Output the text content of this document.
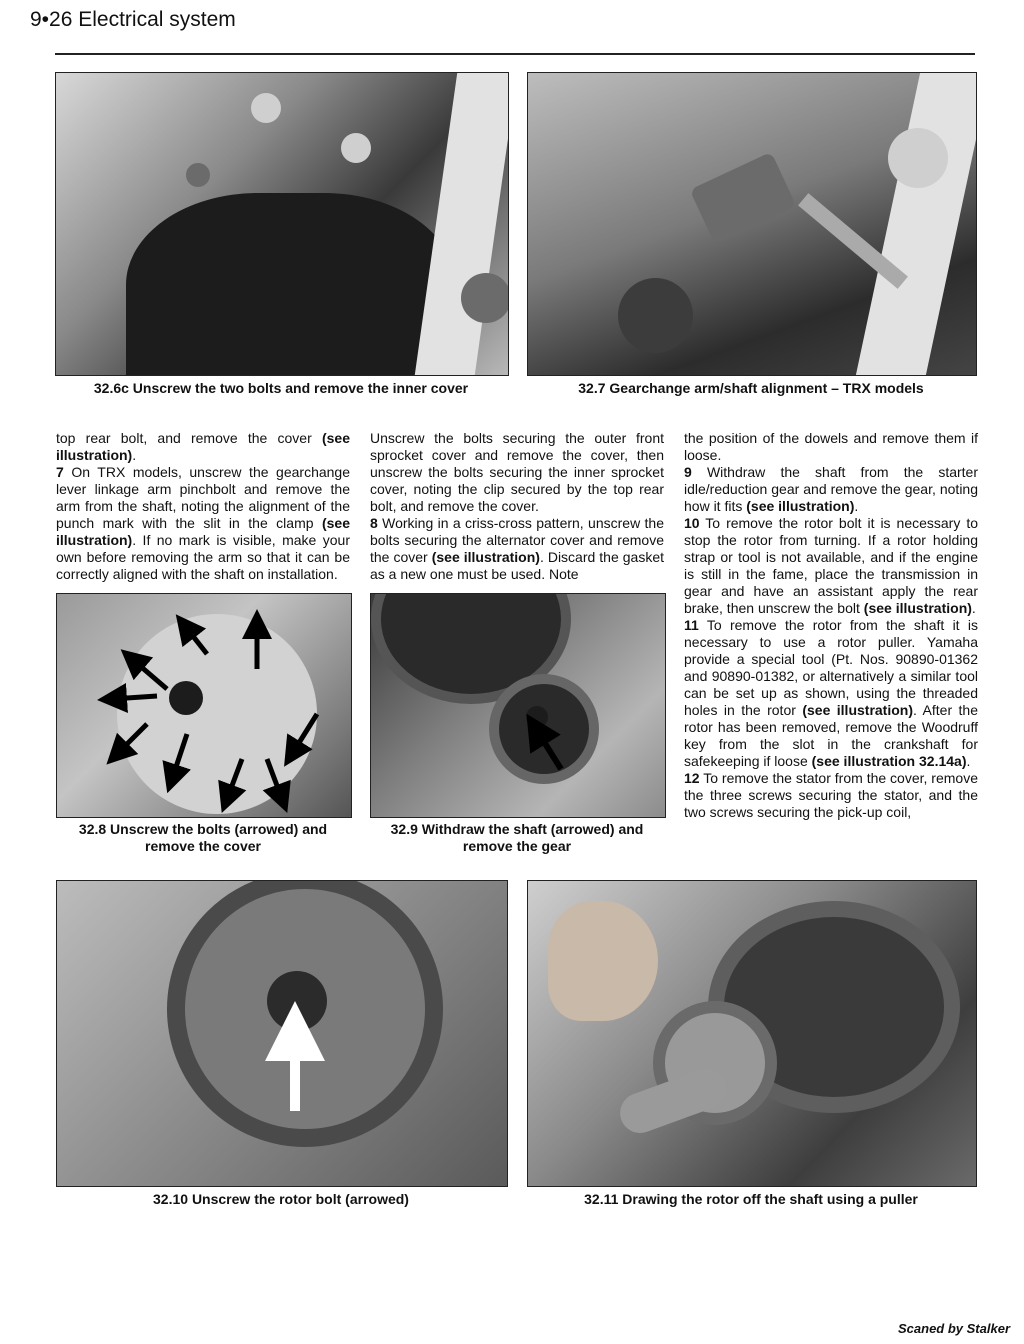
9•26 Electrical system
32.6c Unscrew the two bolts and remove the inner cover	32.7 Gearchange arm/shaft alignment – TRX models

top rear bolt, and remove the cover (see illustration).

7 On TRX models, unscrew the gearchange lever linkage arm pinchbolt and remove the arm from the shaft, noting the alignment of the punch mark with the slit in the clamp (see illustration). If no mark is visible, make your own before removing the arm so that it can be correctly aligned with the shaft on installation.

Unscrew the bolts securing the outer front sprocket cover and remove the cover, then unscrew the bolts securing the inner sprocket cover, noting the clip secured by the top rear bolt, and remove the cover.

8 Working in a criss-cross pattern, unscrew the bolts securing the alternator cover and remove the cover (see illustration). Discard the gasket as a new one must be used. Note

the position of the dowels and remove them if loose.

9 Withdraw the shaft from the starter idle/reduction gear and remove the gear, noting how it fits (see illustration).

10 To remove the rotor bolt it is necessary to stop the rotor from turning. If a rotor holding strap or tool is not available, and if the engine is still in the fame, place the transmission in gear and have an assistant apply the rear brake, then unscrew the bolt (see illustration).

11 To remove the rotor from the shaft it is necessary to use a rotor puller. Yamaha provide a special tool (Pt. Nos. 90890-01362 and 90890-01382, or alternatively a similar tool can be set up as shown, using the threaded holes in the rotor (see illustration). After the rotor has been removed, remove the Woodruff key from the slot in the crankshaft for safekeeping if loose (see illustration 32.14a).

12 To remove the stator from the cover, remove the three screws securing the stator, and the two screws securing the pick-up coil,

32.8 Unscrew the bolts (arrowed) and remove the cover
32.9 Withdraw the shaft (arrowed) and remove the gear
32.10 Unscrew the rotor bolt (arrowed)	32.11 Drawing the rotor off the shaft using a puller
Scaned by Stalker
